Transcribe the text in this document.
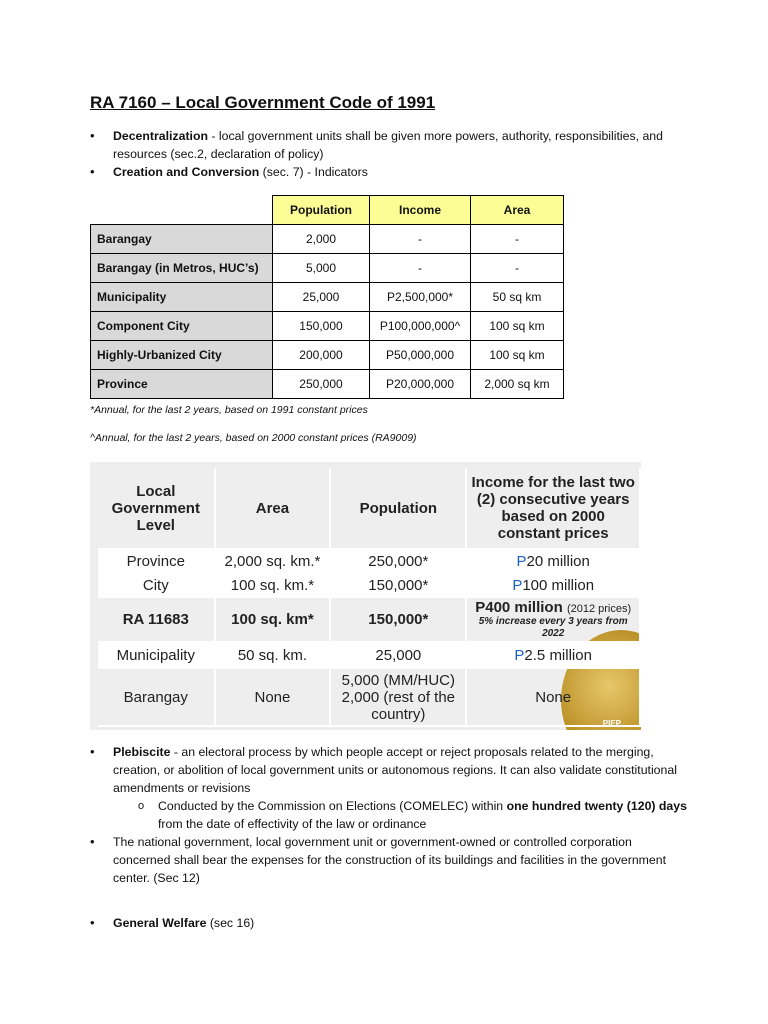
RA 7160 – Local Government Code of 1991
• Decentralization - local government units shall be given more powers, authority, responsibilities, and resources (sec.2, declaration of policy)
• Creation and Conversion (sec. 7) - Indicators
	Population	Income	Area
Barangay	2,000	-	-
Barangay (in Metros, HUC’s)	5,000	-	-
Municipality	25,000	P2,500,000*	50 sq km
Component City	150,000	P100,000,000^	100 sq km
Highly-Urbanized City	200,000	P50,000,000	100 sq km
Province	250,000	P20,000,000	2,000 sq km
*Annual, for the last 2 years, based on 1991 constant prices
^Annual, for the last 2 years, based on 2000 constant prices (RA9009)
PIEP
Local Government Level	Area	Population	Income for the last two (2) consecutive years based on 2000 constant prices
Province	2,000 sq. km.*	250,000*	P20 million
City	100 sq. km.*	150,000*	P100 million
RA 11683	100 sq. km*	150,000*	P400 million (2012 prices)
5% increase every 3 years from 2022

Municipality	50 sq. km.	25,000	P2.5 million
Barangay	None	5,000 (MM/HUC) 2,000 (rest of the country)	None
• Plebiscite - an electoral process by which people accept or reject proposals related to the merging, creation, or abolition of local government units or autonomous regions. It can also validate constitutional amendments or revisions
o Conducted by the Commission on Elections (COMELEC) within one hundred twenty (120) days from the date of effectivity of the law or ordinance
• The national government, local government unit or government-owned or controlled corporation concerned shall bear the expenses for the construction of its buildings and facilities in the government center. (Sec 12)
• General Welfare (sec 16)
